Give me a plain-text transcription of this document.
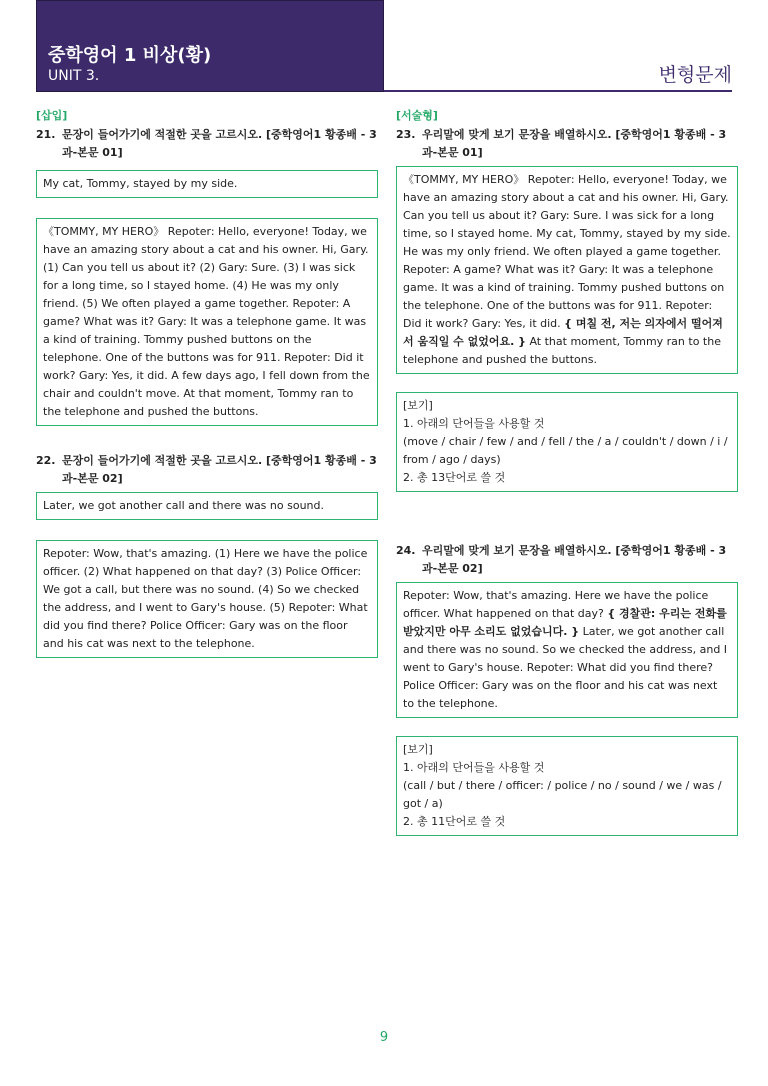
중학영어 1 비상(황)
UNIT 3.	변형문제
[삽입]
21. 문장이 들어가기에 적절한 곳을 고르시오. [중학영어1 황종배 - 3과-본문 01]
My cat, Tommy, stayed by my side.
《TOMMY, MY HERO》 Repoter: Hello, everyone! Today, we have an amazing story about a cat and his owner. Hi, Gary. (1) Can you tell us about it? (2) Gary: Sure. (3) I was sick for a long time, so I stayed home. (4) He was my only friend. (5) We often played a game together. Repoter: A game? What was it? Gary: It was a telephone game. It was a kind of training. Tommy pushed buttons on the telephone. One of the buttons was for 911. Repoter: Did it work? Gary: Yes, it did. A few days ago, I fell down from the chair and couldn't move. At that moment, Tommy ran to the telephone and pushed the buttons.
22. 문장이 들어가기에 적절한 곳을 고르시오. [중학영어1 황종배 - 3과-본문 02]
Later, we got another call and there was no sound.
Repoter: Wow, that's amazing. (1) Here we have the police officer. (2) What happened on that day? (3) Police Officer: We got a call, but there was no sound. (4) So we checked the address, and I went to Gary's house. (5) Repoter: What did you find there? Police Officer: Gary was on the floor and his cat was next to the telephone.
[서술형]
23. 우리말에 맞게 보기 문장을 배열하시오. [중학영어1 황종배 - 3과-본문 01]
《TOMMY, MY HERO》 Repoter: Hello, everyone! Today, we have an amazing story about a cat and his owner. Hi, Gary. Can you tell us about it? Gary: Sure. I was sick for a long time, so I stayed home. My cat, Tommy, stayed by my side. He was my only friend. We often played a game together. Repoter: A game? What was it? Gary: It was a telephone game. It was a kind of training. Tommy pushed buttons on the telephone. One of the buttons was for 911. Repoter: Did it work? Gary: Yes, it did. { 며칠 전, 저는 의자에서 떨어져서 움직일 수 없었어요. } At that moment, Tommy ran to the telephone and pushed the buttons.
[보기]
1. 아래의 단어들을 사용할 것
(move / chair / few / and / fell / the / a / couldn't / down / i / from / ago / days)
2. 총 13단어로 쓸 것
24. 우리말에 맞게 보기 문장을 배열하시오. [중학영어1 황종배 - 3과-본문 02]
Repoter: Wow, that's amazing. Here we have the police officer. What happened on that day? { 경찰관: 우리는 전화를 받았지만 아무 소리도 없었습니다. } Later, we got another call and there was no sound. So we checked the address, and I went to Gary's house. Repoter: What did you find there? Police Officer: Gary was on the floor and his cat was next to the telephone.
[보기]
1. 아래의 단어들을 사용할 것
(call / but / there / officer: / police / no / sound / we / was / got / a)
2. 총 11단어로 쓸 것
9
